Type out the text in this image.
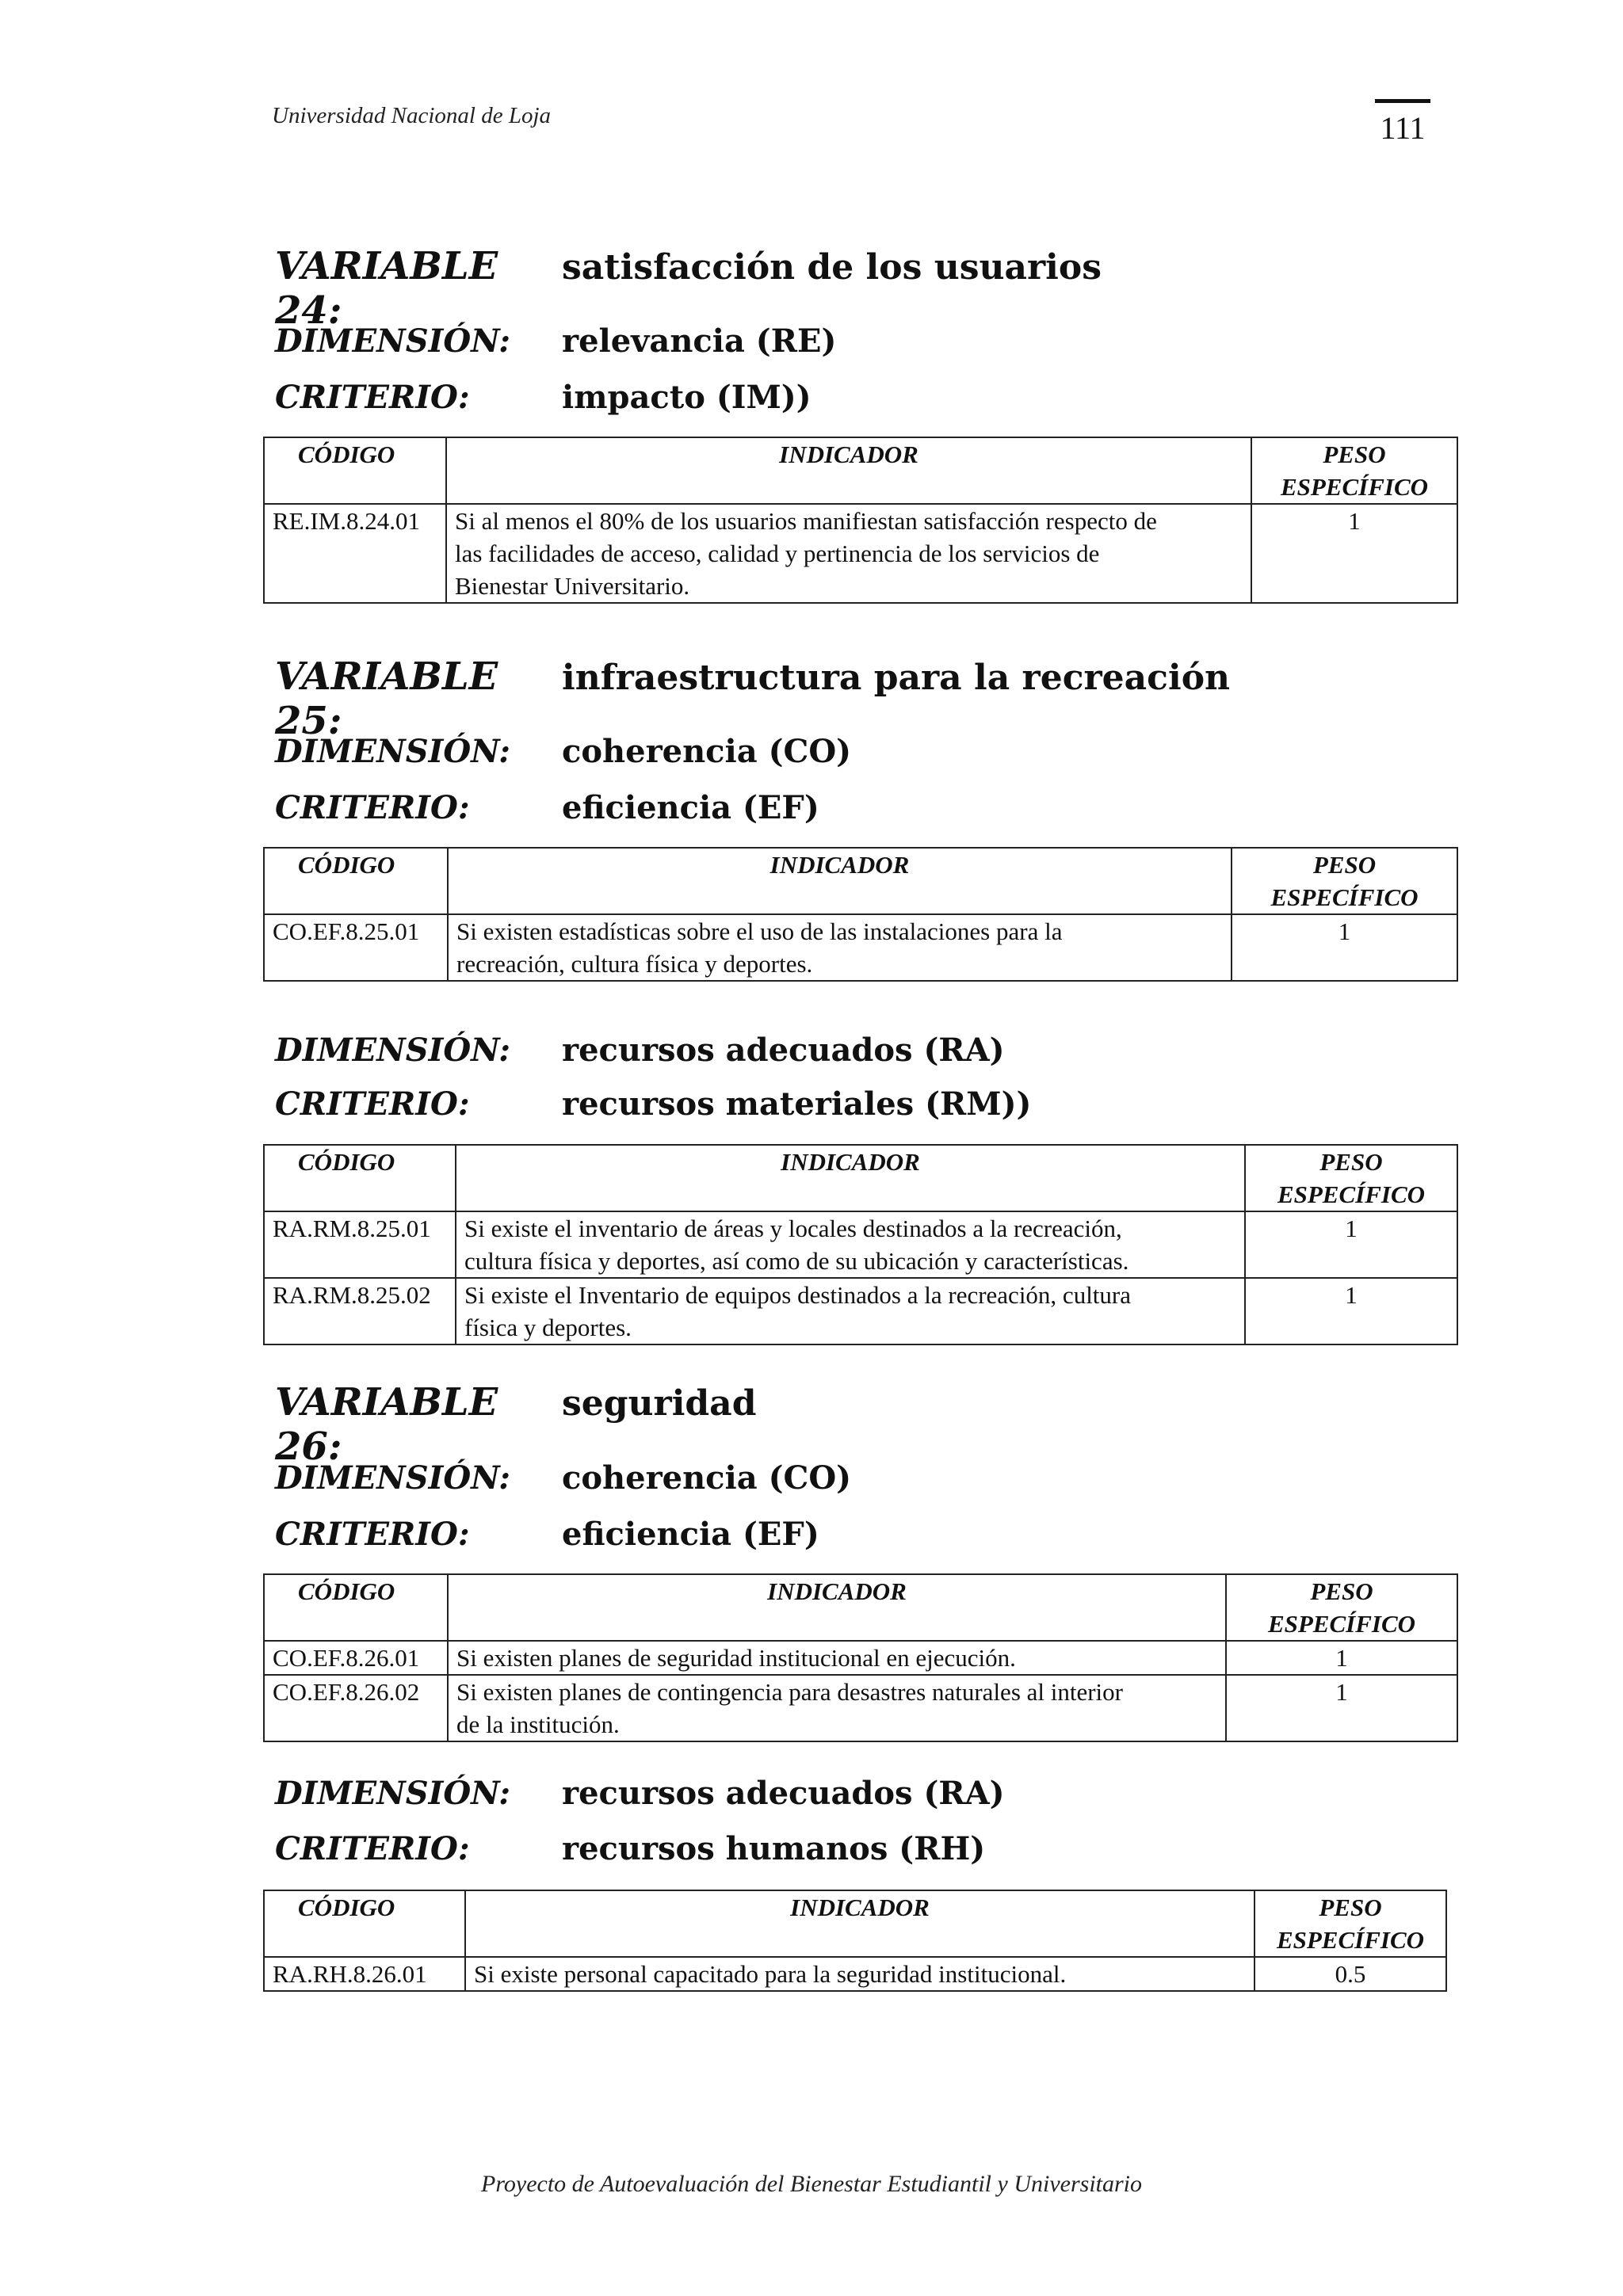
Universidad Nacional de Loja	111
VARIABLE 24:
satisfacción de los usuarios
DIMENSIÓN:	relevancia (RE)
CRITERIO:	impacto (IM))
CÓDIGO	INDICADOR	PESO
ESPECÍFICO
RE.IM.8.24.01	Si al menos el 80% de los usuarios manifiestan satisfacción respecto de
las facilidades de acceso, calidad y pertinencia de los servicios de
Bienestar Universitario.	1
VARIABLE 25:
infraestructura para la recreación
DIMENSIÓN:	coherencia (CO)
CRITERIO:	eficiencia (EF)
CÓDIGO	INDICADOR	PESO
ESPECÍFICO
CO.EF.8.25.01	Si existen estadísticas sobre el uso de las instalaciones para la
recreación, cultura física y deportes.	1
DIMENSIÓN:	recursos adecuados (RA)
CRITERIO:	recursos materiales (RM))
CÓDIGO	INDICADOR	PESO
ESPECÍFICO
RA.RM.8.25.01	Si existe el inventario de áreas y locales destinados a la recreación,
cultura física y deportes, así como de su ubicación y características.	1
RA.RM.8.25.02	Si existe el Inventario de equipos destinados a la recreación, cultura
física y deportes.	1
VARIABLE 26:
seguridad
DIMENSIÓN:	coherencia (CO)
CRITERIO:	eficiencia (EF)
CÓDIGO	INDICADOR	PESO
ESPECÍFICO
CO.EF.8.26.01	Si existen planes de seguridad institucional en ejecución.	1
CO.EF.8.26.02	Si existen planes de contingencia para desastres naturales al interior
de la institución.	1
DIMENSIÓN:	recursos adecuados (RA)
CRITERIO:	recursos humanos (RH)
CÓDIGO	INDICADOR	PESO
ESPECÍFICO
RA.RH.8.26.01	Si existe personal capacitado para la seguridad institucional.	0.5
Proyecto de Autoevaluación del Bienestar Estudiantil y Universitario
